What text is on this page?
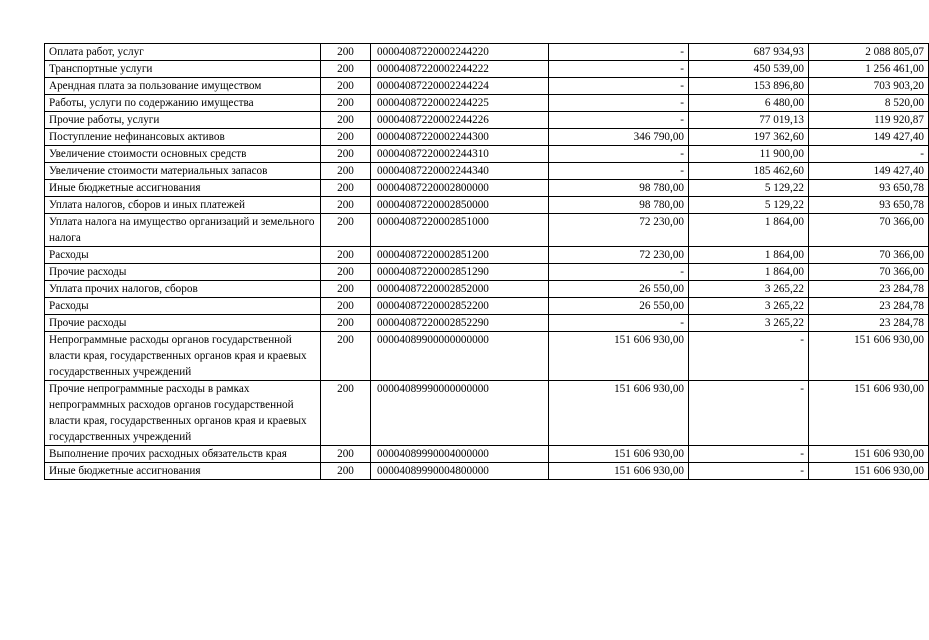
Оплата работ, услуг	200	00004087220002244220	-	687 934,93	2 088 805,07
Транспортные услуги	200	00004087220002244222	-	450 539,00	1 256 461,00
Арендная плата за пользование имуществом	200	00004087220002244224	-	153 896,80	703 903,20
Работы, услуги по содержанию имущества	200	00004087220002244225	-	6 480,00	8 520,00
Прочие работы, услуги	200	00004087220002244226	-	77 019,13	119 920,87
Поступление нефинансовых активов	200	00004087220002244300	346 790,00	197 362,60	149 427,40
Увеличение стоимости основных средств	200	00004087220002244310	-	11 900,00	-
Увеличение стоимости материальных запасов	200	00004087220002244340	-	185 462,60	149 427,40
Иные бюджетные ассигнования	200	00004087220002800000	98 780,00	5 129,22	93 650,78
Уплата налогов, сборов и иных платежей	200	00004087220002850000	98 780,00	5 129,22	93 650,78
Уплата налога на имущество организаций и земельного налога	200	00004087220002851000	72 230,00	1 864,00	70 366,00
Расходы	200	00004087220002851200	72 230,00	1 864,00	70 366,00
Прочие расходы	200	00004087220002851290	-	1 864,00	70 366,00
Уплата прочих налогов, сборов	200	00004087220002852000	26 550,00	3 265,22	23 284,78
Расходы	200	00004087220002852200	26 550,00	3 265,22	23 284,78
Прочие расходы	200	00004087220002852290	-	3 265,22	23 284,78
Непрограммные расходы органов государственной власти края, государственных органов края и краевых государственных учреждений	200	00004089900000000000	151 606 930,00	-	151 606 930,00
Прочие непрограммные расходы в рамках непрограммных расходов органов государственной власти края, государственных органов края и краевых государственных учреждений	200	00004089990000000000	151 606 930,00	-	151 606 930,00
Выполнение прочих расходных обязательств края	200	00004089990004000000	151 606 930,00	-	151 606 930,00
Иные бюджетные ассигнования	200	00004089990004800000	151 606 930,00	-	151 606 930,00
